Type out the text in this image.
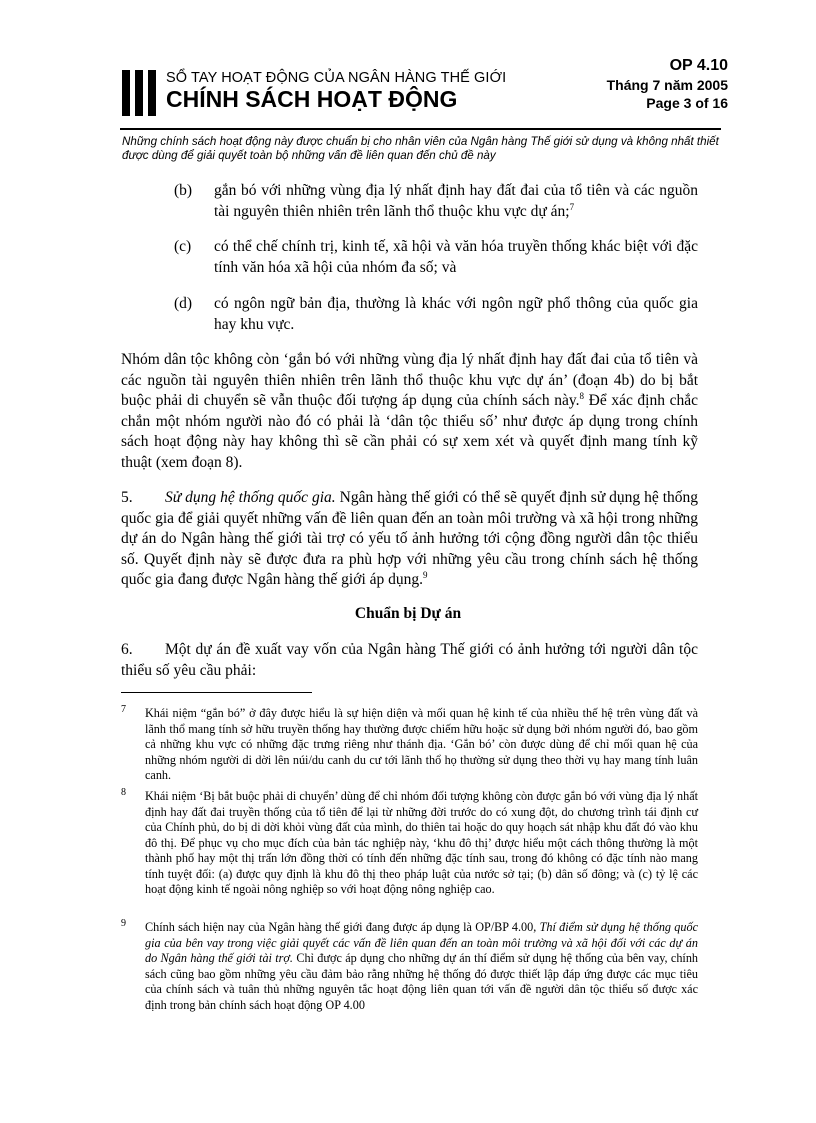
SỔ TAY HOẠT ĐỘNG CỦA NGÂN HÀNG THẾ GIỚI
CHÍNH SÁCH HOẠT ĐỘNG
OP 4.10
Tháng 7 năm 2005
Page 3 of 16
Những chính sách hoạt động này được chuẩn bị cho nhân viên của Ngân hàng Thế giới sử dụng và không nhất thiết được dùng để giải quyết toàn bộ những vấn đề liên quan đến chủ đề này
(b) gắn bó với những vùng địa lý nhất định hay đất đai của tổ tiên và các nguồn tài nguyên thiên nhiên trên lãnh thổ thuộc khu vực dự án;$^7$
(c) có thể chế chính trị, kinh tế, xã hội và văn hóa truyền thống khác biệt với đặc tính văn hóa xã hội của nhóm đa số; và
(d) có ngôn ngữ bản địa, thường là khác với ngôn ngữ phổ thông của quốc gia hay khu vực.
Nhóm dân tộc không còn ‘gắn bó với những vùng địa lý nhất định hay đất đai của tổ tiên và các nguồn tài nguyên thiên nhiên trên lãnh thổ thuộc khu vực dự án’ (đoạn 4b) do bị bắt buộc phải di chuyển sẽ vẫn thuộc đối tượng áp dụng của chính sách này.$^8$ Để xác định chắc chắn một nhóm người nào đó có phải là ‘dân tộc thiểu số’ như được áp dụng trong chính sách hoạt động này hay không thì sẽ cần phải có sự xem xét và quyết định mang tính kỹ thuật (xem đoạn 8).
5. Sử dụng hệ thống quốc gia. Ngân hàng thế giới có thể sẽ quyết định sử dụng hệ thống quốc gia để giải quyết những vấn đề liên quan đến an toàn môi trường và xã hội trong những dự án do Ngân hàng thế giới tài trợ có yếu tố ảnh hưởng tới cộng đồng người dân tộc thiểu số. Quyết định này sẽ được đưa ra phù hợp với những yêu cầu trong chính sách hệ thống quốc gia đang được Ngân hàng thế giới áp dụng.$^9$
Chuẩn bị Dự án
6. Một dự án đề xuất vay vốn của Ngân hàng Thế giới có ảnh hưởng tới người dân tộc thiểu số yêu cầu phải:
7 Khái niệm “gắn bó” ở đây được hiểu là sự hiện diện và mối quan hệ kinh tế của nhiều thế hệ trên vùng đất và lãnh thổ mang tính sở hữu truyền thống hay thường được chiếm hữu hoặc sử dụng bởi nhóm người đó, bao gồm cả những khu vực có những đặc trưng riêng như thánh địa. ‘Gắn bó’ còn được dùng để chỉ mối quan hệ của những nhóm người di dời lên núi/du canh du cư tới lãnh thổ họ thường sử dụng theo thời vụ hay mang tính luân canh.
8 Khái niệm ‘Bị bắt buộc phải di chuyển’ dùng để chỉ nhóm đối tượng không còn được gắn bó với vùng địa lý nhất định hay đất đai truyền thống của tổ tiên để lại từ những đời trước do có xung đột, do chương trình tái định cư của Chính phủ, do bị di dời khỏi vùng đất của mình, do thiên tai hoặc do quy hoạch sát nhập khu đất đó vào khu đô thị. Để phục vụ cho mục đích của bản tác nghiệp này, ‘khu đô thị’ được hiểu một cách thông thường là một thành phố hay một thị trấn lớn đồng thời có tính đến những đặc tính sau, trong đó không có đặc tính nào mang tính tuyệt đối: (a) được quy định là khu đô thị theo pháp luật của nước sở tại; (b) dân số đông; và (c) tỷ lệ các hoạt động kinh tế ngoài nông nghiệp so với hoạt động nông nghiệp cao.
9 Chính sách hiện nay của Ngân hàng thế giới đang được áp dụng là OP/BP 4.00, Thí điểm sử dụng hệ thống quốc gia của bên vay trong việc giải quyết các vấn đề liên quan đến an toàn môi trường và xã hội đối với các dự án do Ngân hàng thế giới tài trợ. Chỉ được áp dụng cho những dự án thí điểm sử dụng hệ thống của bên vay, chính sách cũng bao gồm những yêu cầu đảm bảo rằng những hệ thống đó được thiết lập đáp ứng được các mục tiêu của chính sách và tuân thủ những nguyên tắc hoạt động liên quan tới vấn đề người dân tộc thiểu số được xác định trong bản chính sách hoạt động OP 4.00
